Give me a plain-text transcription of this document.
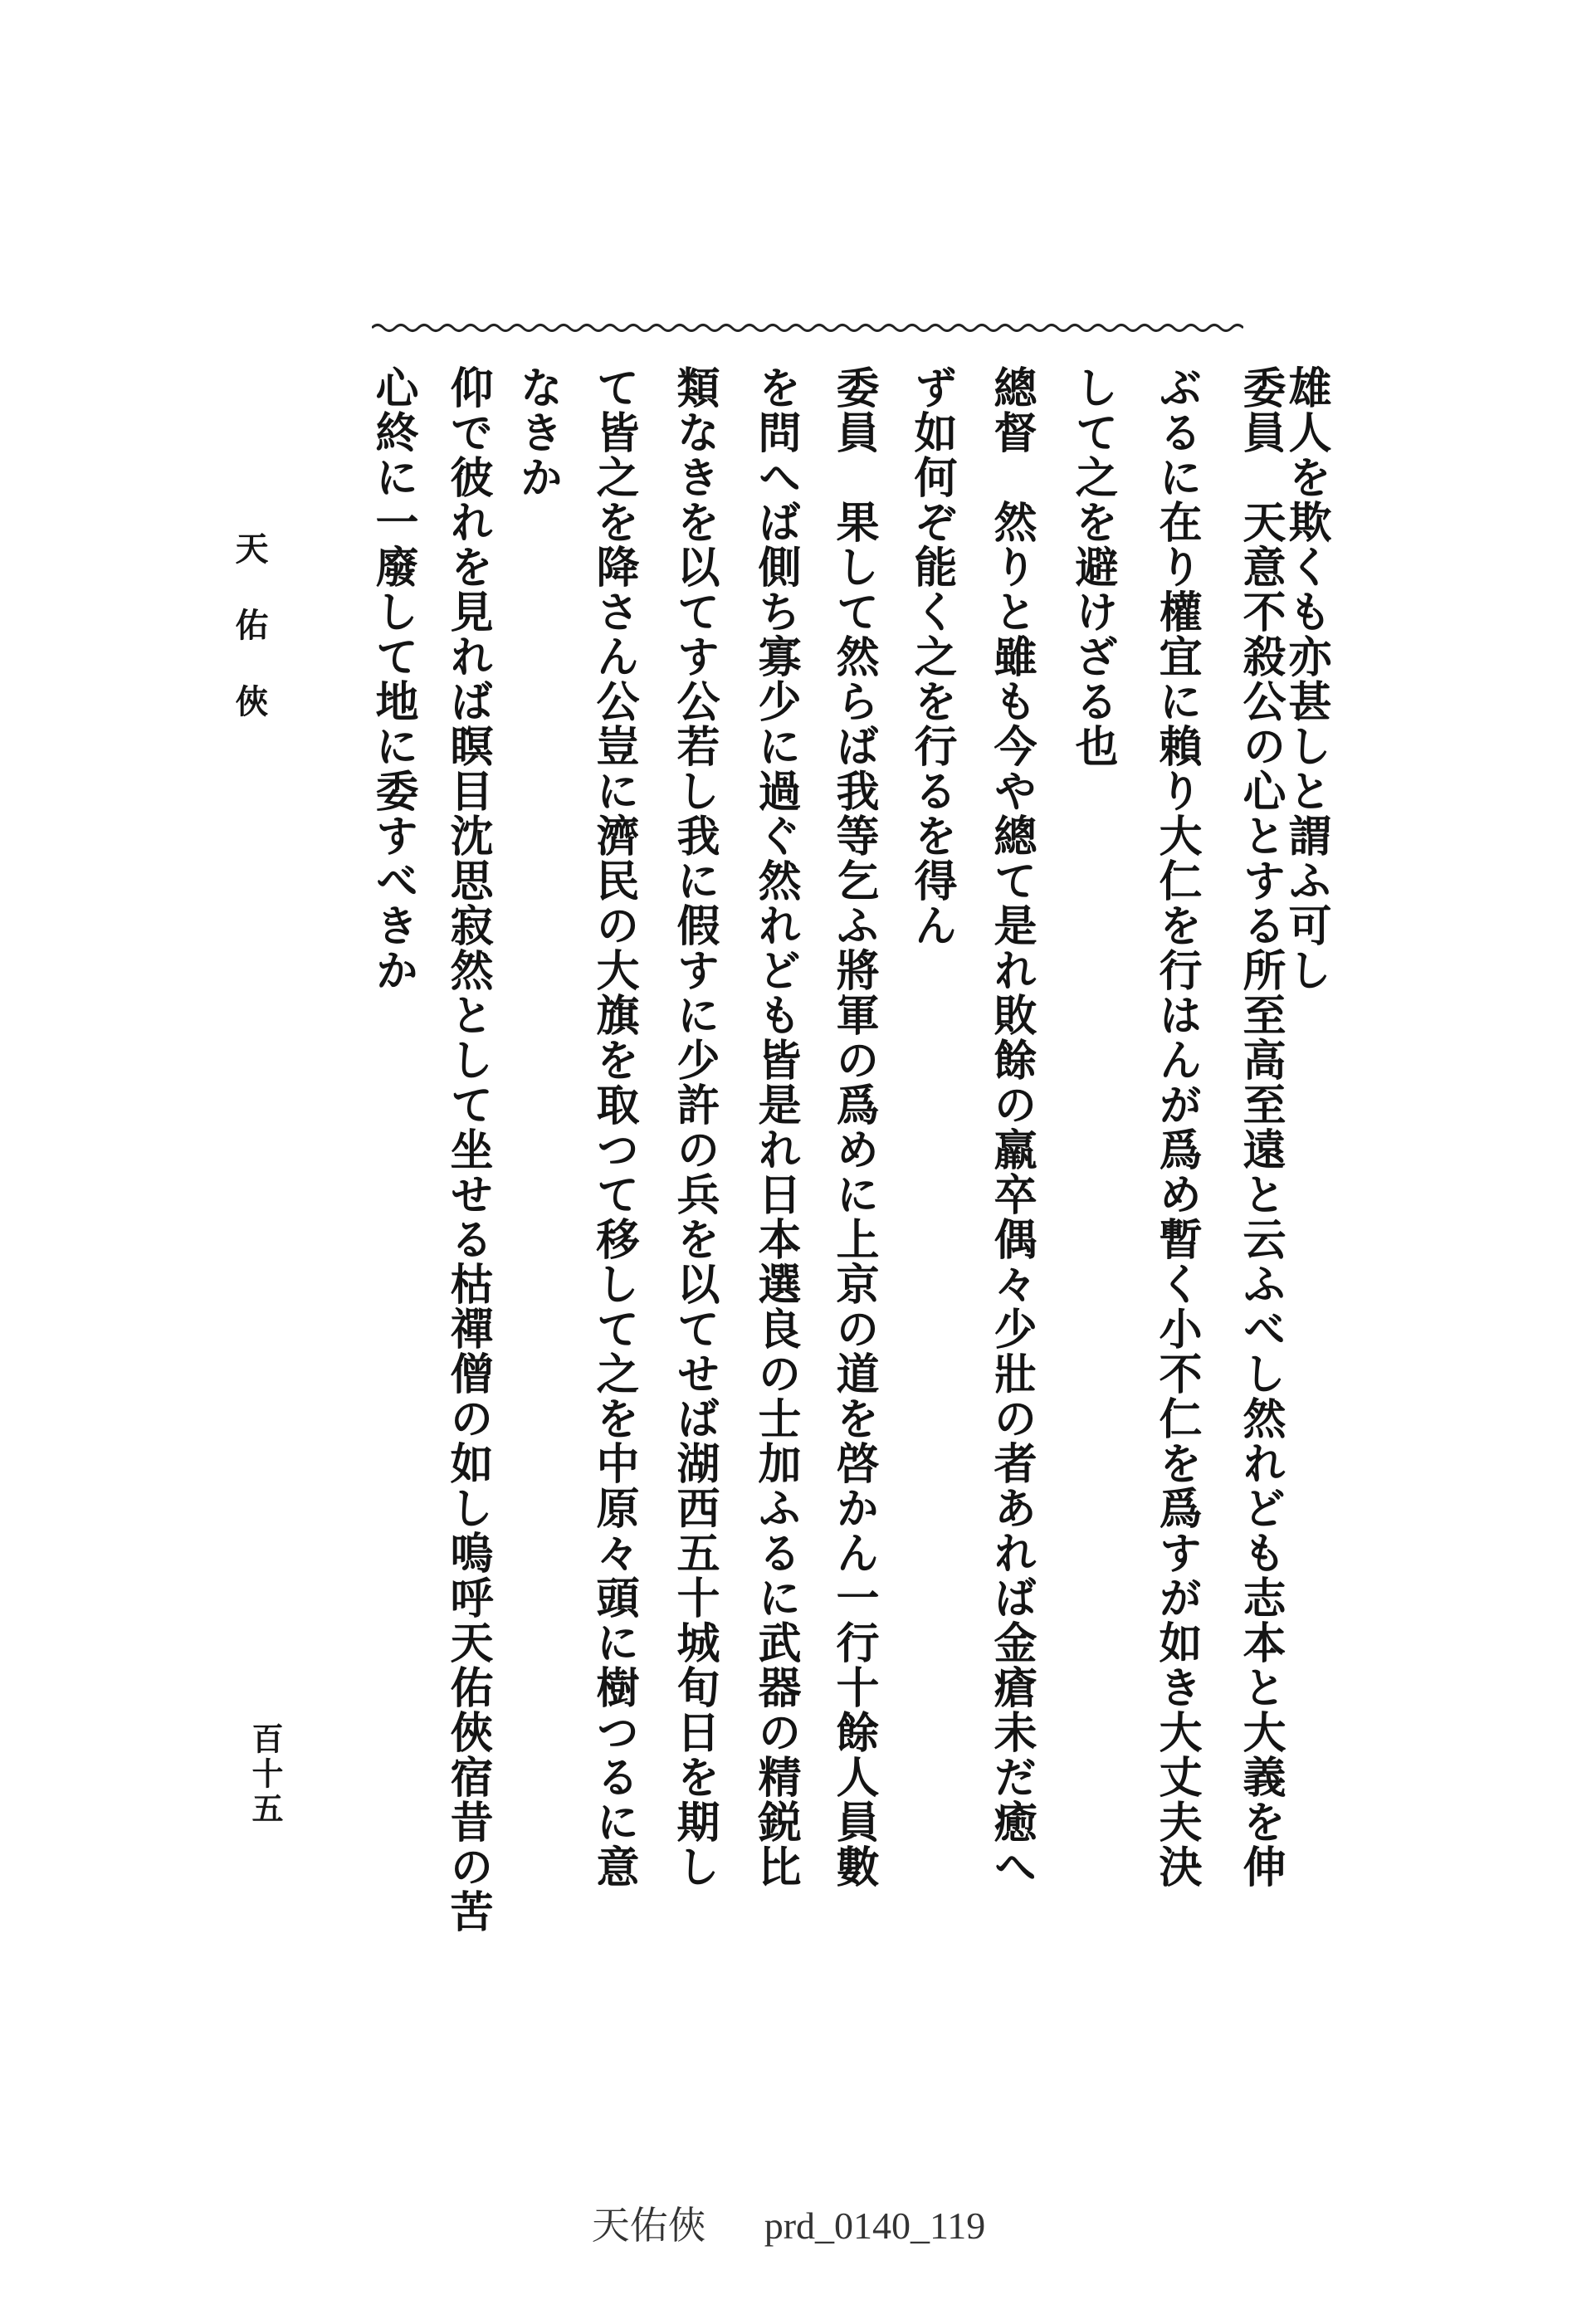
雄人を欺くも亦甚しと謂ふ可し
委員　天意不殺公の心とする所至高至遠と云ふべし然れども志本と大義を伸
ぶるに在り權宜に賴り大仁を行はんが爲め暫く小不仁を爲すが如き大丈夫決
して之を避けざる也
總督　然りと雖も今や總て是れ敗餘の羸卒偶々少壯の者あれば金瘡未だ癒へ
ず如何ぞ能く之を行るを得ん
委員　果して然らば我等乞ふ將軍の爲めに上京の道を啓かん一行十餘人員數
を問へば側ち寡少に過ぐ然れども皆是れ日本選良の士加ふるに武器の精鋭比
類なきを以てす公若し我に假すに少許の兵を以てせば湖西五十城旬日を期し
て皆之を降さん公豈に濟民の大旗を取つて移して之を中原々頭に樹つるに意
なきか
仰で彼れを見れば瞑目沈思寂然として坐せる枯禪僧の如し嗚呼天佑俠宿昔の苦
心終に一廢して地に委すべきか
天佑俠
百十五
天佑俠 prd_0140_119
